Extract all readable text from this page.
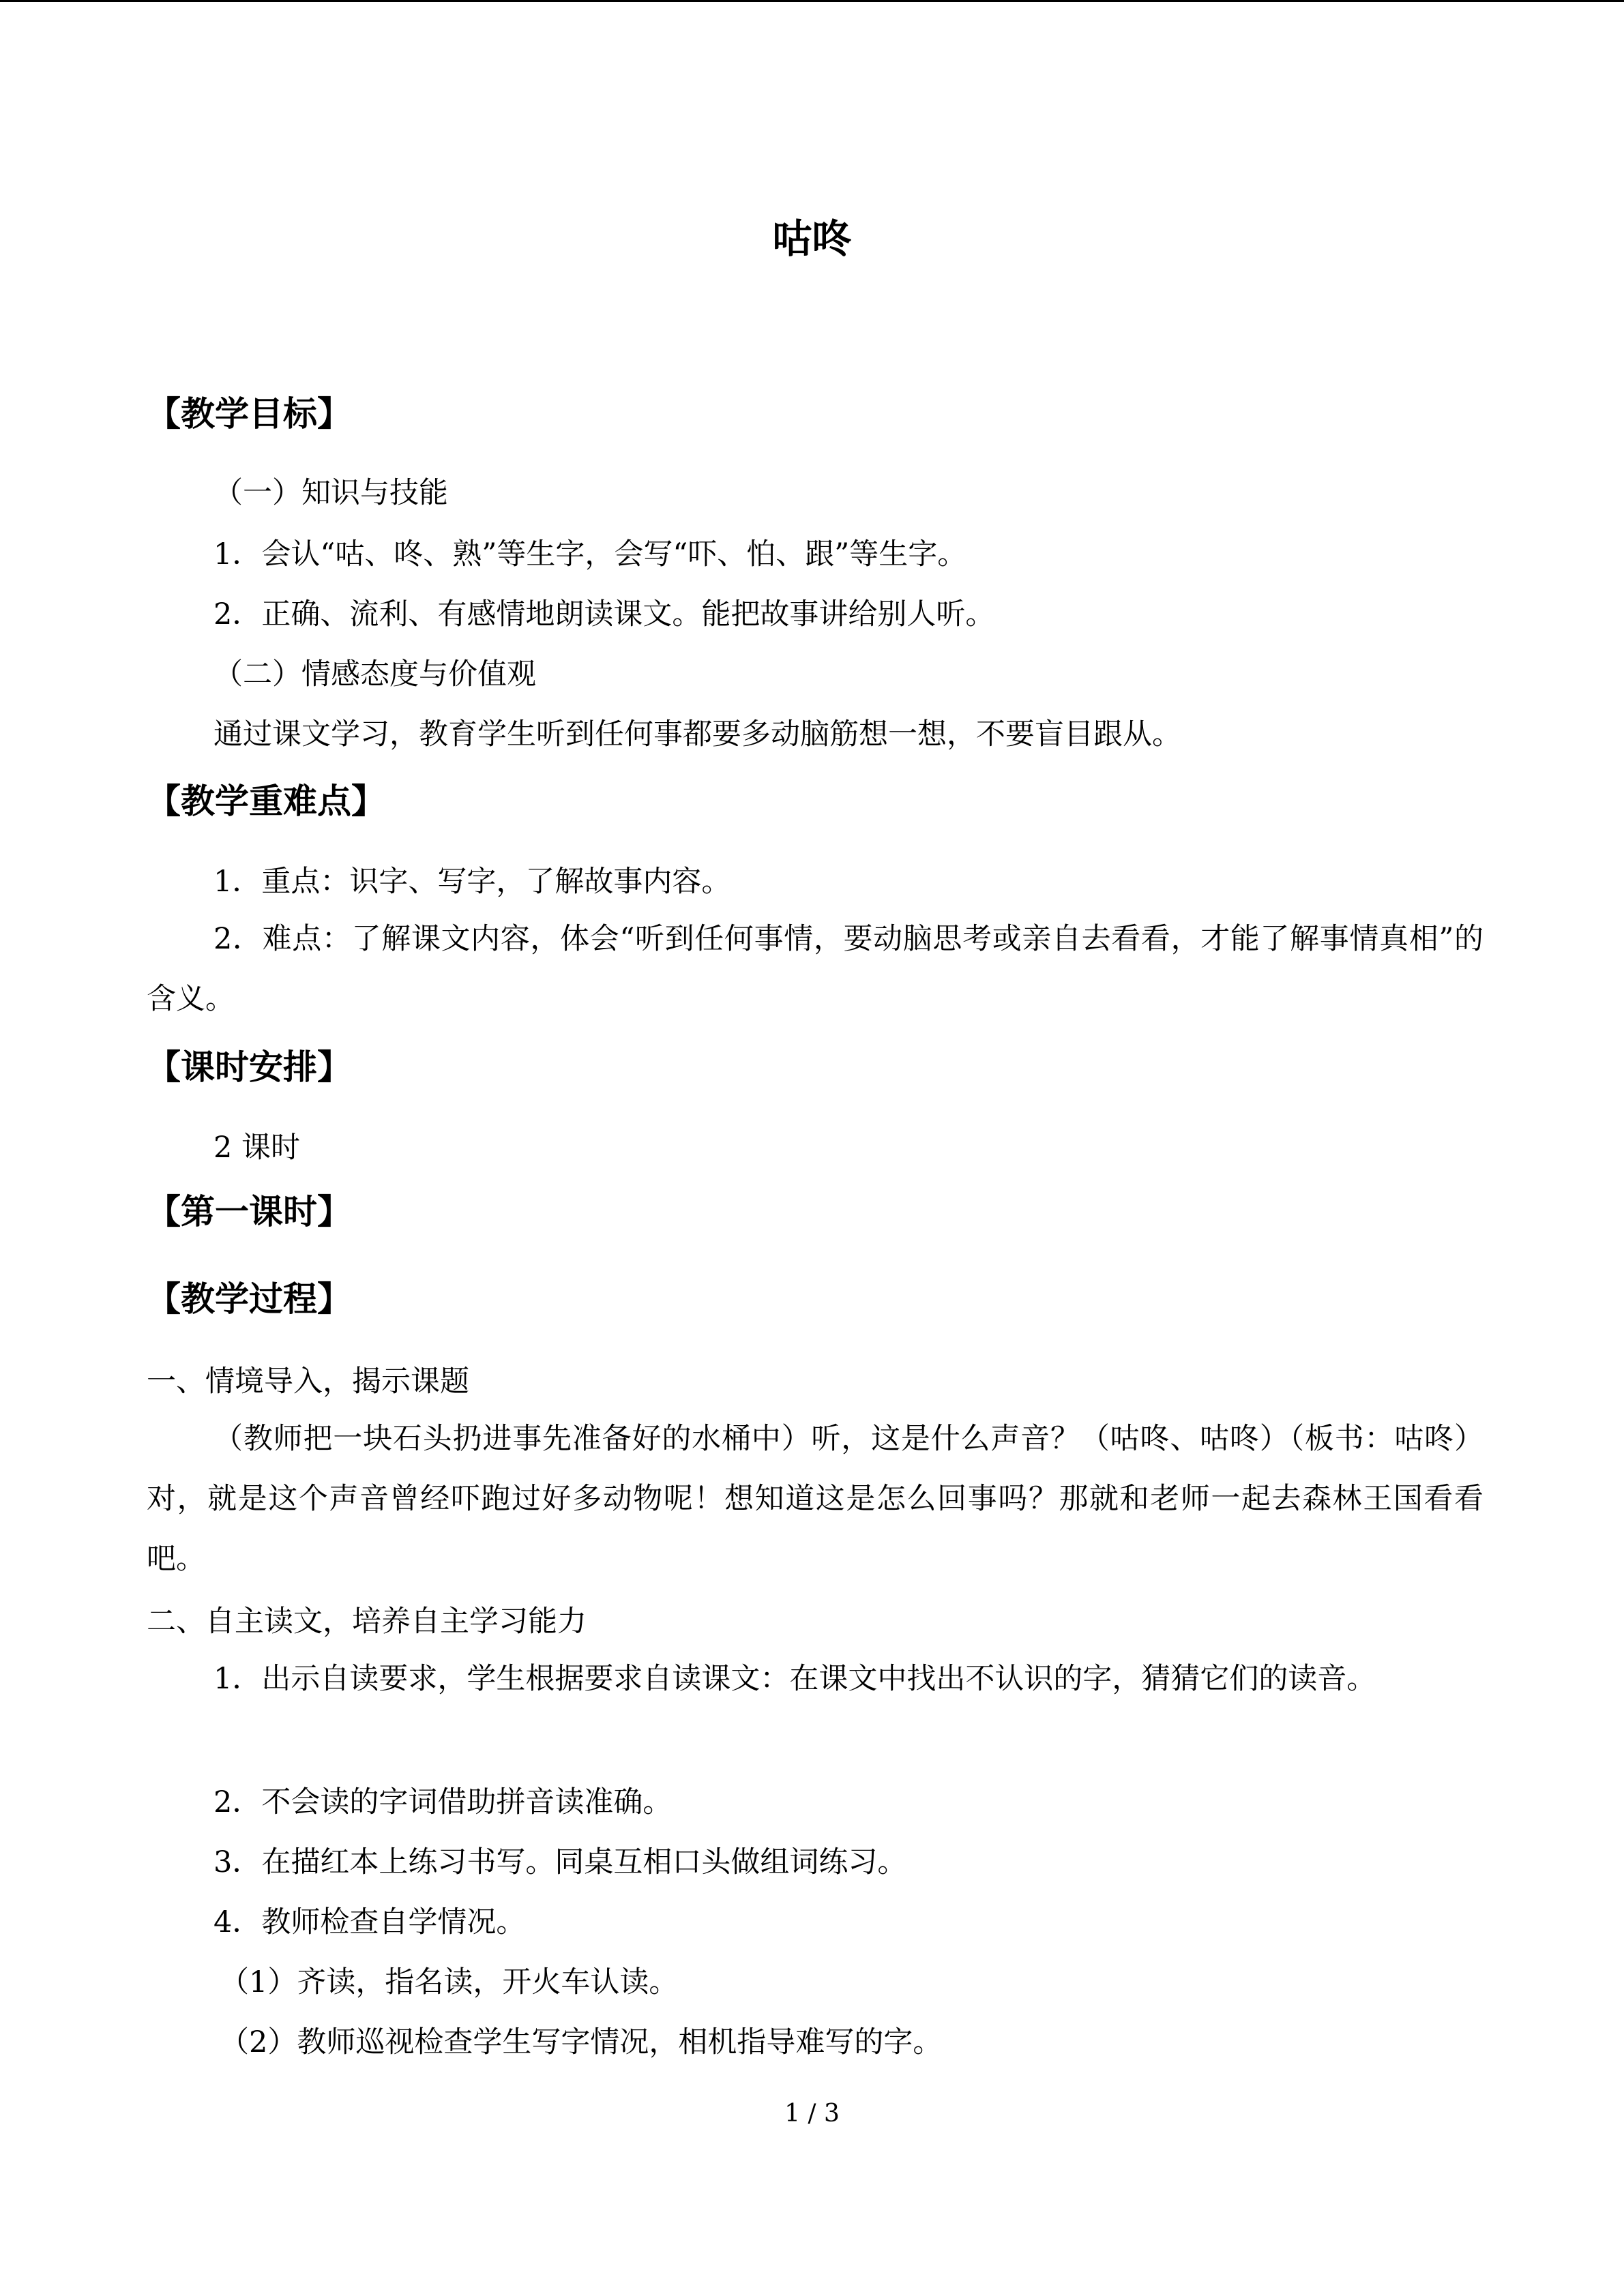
咕咚
【教学目标】
（一）知识与技能
1．会认“咕、咚、熟”等生字，会写“吓、怕、跟”等生字。
2．正确、流利、有感情地朗读课文。能把故事讲给别人听。
（二）情感态度与价值观
通过课文学习，教育学生听到任何事都要多动脑筋想一想，不要盲目跟从。
【教学重难点】
1．重点：识字、写字，了解故事内容。
2．难点：了解课文内容，体会“听到任何事情，要动脑思考或亲自去看看，才能了解事情真相”的含义。
【课时安排】
2 课时
【第一课时】
【教学过程】
一、情境导入，揭示课题
（教师把一块石头扔进事先准备好的水桶中）听，这是什么声音？（咕咚、咕咚）（板书：咕咚）对，就是这个声音曾经吓跑过好多动物呢！想知道这是怎么回事吗？那就和老师一起去森林王国看看吧。
二、自主读文，培养自主学习能力
1．出示自读要求，学生根据要求自读课文：在课文中找出不认识的字，猜猜它们的读音。
2．不会读的字词借助拼音读准确。
3．在描红本上练习书写。同桌互相口头做组词练习。
4．教师检查自学情况。
（1）齐读，指名读，开火车认读。
（2）教师巡视检查学生写字情况，相机指导难写的字。
1 / 3
